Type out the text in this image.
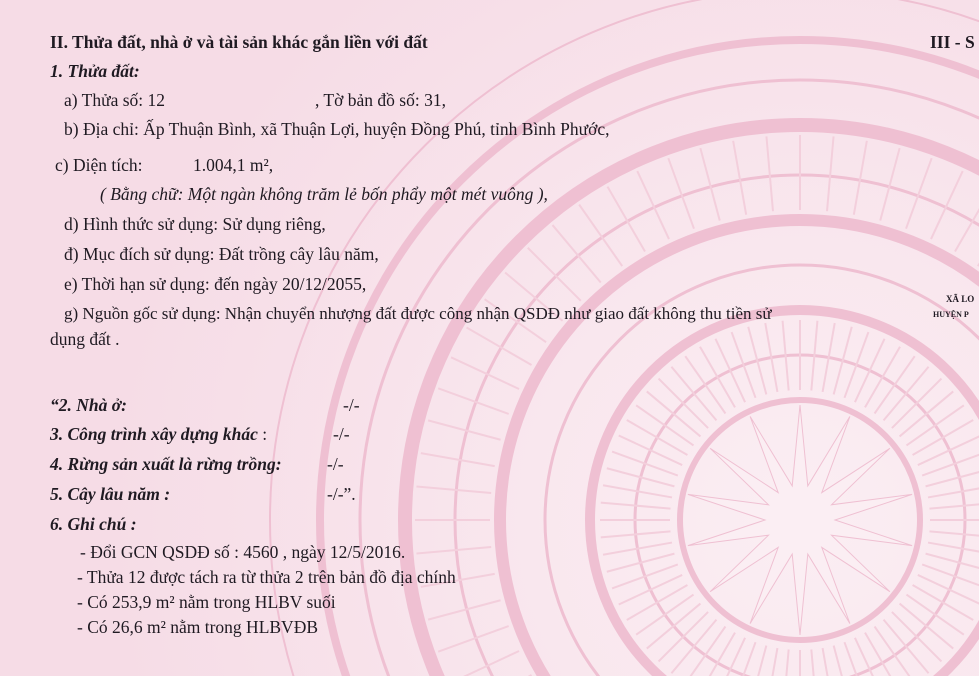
II. Thửa đất, nhà ở và tài sản khác gắn liền với đất	III - S
1. Thửa đất:
a) Thửa số: 12	, Tờ bản đồ số: 31,
b) Địa chỉ: Ấp Thuận Bình, xã Thuận Lợi, huyện Đồng Phú, tỉnh Bình Phước,
c) Diện tích:	1.004,1 m²,
( Bằng chữ: Một ngàn không trăm lẻ bốn phẩy một mét vuông ),
d) Hình thức sử dụng: Sử dụng riêng,
đ) Mục đích sử dụng: Đất trồng cây lâu năm,
e) Thời hạn sử dụng: đến ngày 20/12/2055,
g) Nguồn gốc sử dụng: Nhận chuyển nhượng đất được công nhận QSDĐ như giao đất không thu tiền sử
dụng đất .
XÃ LO
HUYỆN P
“2. Nhà ở:	-/-
3. Công trình xây dựng khác :	-/-
4. Rừng sản xuất là rừng trồng:	-/-
5. Cây lâu năm :	-/-”.
6. Ghi chú :
- Đổi GCN QSDĐ số : 4560 , ngày 12/5/2016.
- Thửa 12 được tách ra từ thửa 2 trên bản đồ địa chính
- Có 253,9 m² nằm trong HLBV suối
- Có 26,6 m² nằm trong HLBVĐB
